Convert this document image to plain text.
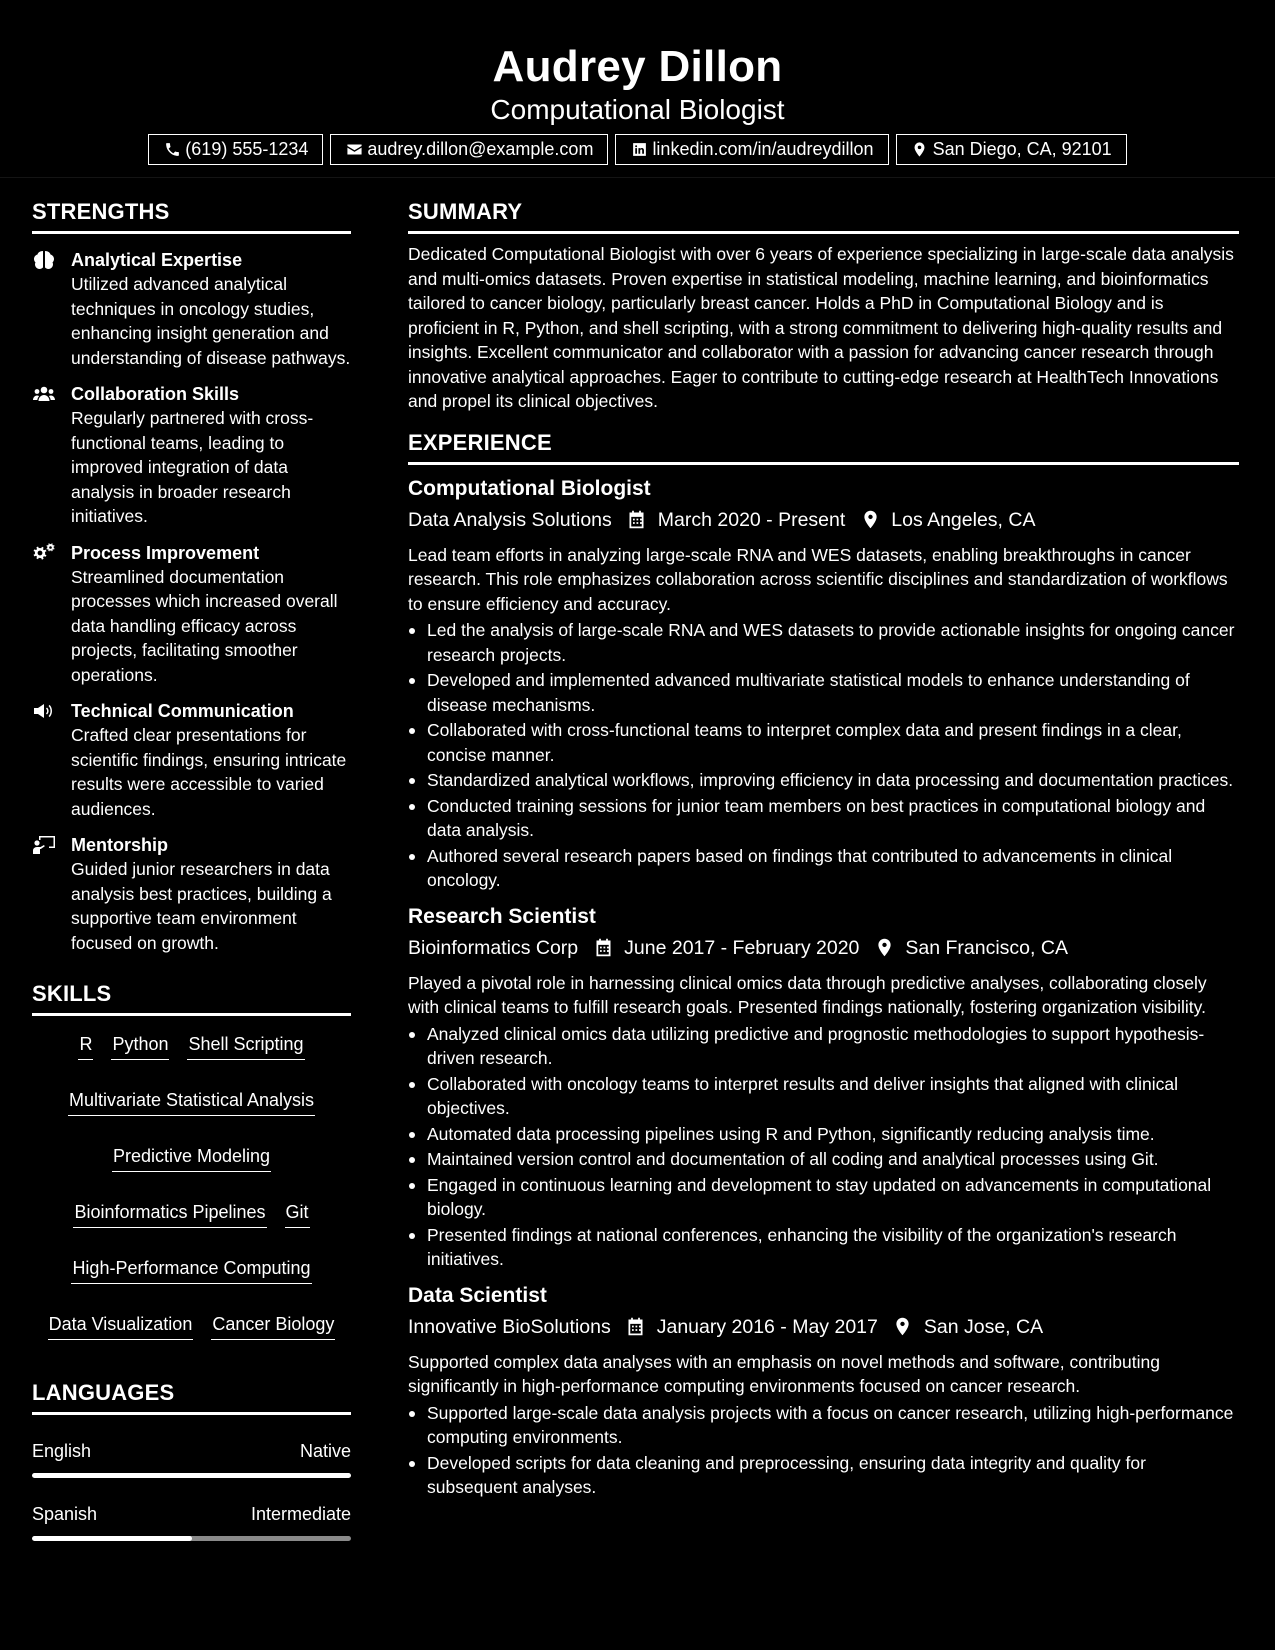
Audrey Dillon
Computational Biologist
(619) 555-1234	audrey.dillon@example.com	linkedin.com/in/audreydillon	San Diego, CA, 92101
STRENGTHS
Analytical Expertise

Utilized advanced analytical techniques in oncology studies, enhancing insight generation and understanding of disease pathways.

Collaboration Skills

Regularly partnered with cross-functional teams, leading to improved integration of data analysis in broader research initiatives.

Process Improvement

Streamlined documentation processes which increased overall data handling efficacy across projects, facilitating smoother operations.

Technical Communication

Crafted clear presentations for scientific findings, ensuring intricate results were accessible to varied audiences.

Mentorship

Guided junior researchers in data analysis best practices, building a supportive team environment focused on growth.

SKILLS
R Python Shell Scripting
Multivariate Statistical Analysis
Predictive Modeling
Bioinformatics Pipelines Git
High-Performance Computing
Data Visualization Cancer Biology
LANGUAGES
English	Native
Spanish	Intermediate
SUMMARY

Dedicated Computational Biologist with over 6 years of experience specializing in large-scale data analysis and multi-omics datasets. Proven expertise in statistical modeling, machine learning, and bioinformatics tailored to cancer biology, particularly breast cancer. Holds a PhD in Computational Biology and is proficient in R, Python, and shell scripting, with a strong commitment to delivering high-quality results and insights. Excellent communicator and collaborator with a passion for advancing cancer research through innovative analytical approaches. Eager to contribute to cutting-edge research at HealthTech Innovations and propel its clinical objectives.

EXPERIENCE
Computational Biologist
Data Analysis Solutions March 2020 - Present Los Angeles, CA

Lead team efforts in analyzing large-scale RNA and WES datasets, enabling breakthroughs in cancer research. This role emphasizes collaboration across scientific disciplines and standardization of workflows to ensure efficiency and accuracy.

Led the analysis of large-scale RNA and WES datasets to provide actionable insights for ongoing cancer research projects.
Developed and implemented advanced multivariate statistical models to enhance understanding of disease mechanisms.
Collaborated with cross-functional teams to interpret complex data and present findings in a clear, concise manner.
Standardized analytical workflows, improving efficiency in data processing and documentation practices.
Conducted training sessions for junior team members on best practices in computational biology and data analysis.
Authored several research papers based on findings that contributed to advancements in clinical oncology.
Research Scientist
Bioinformatics Corp June 2017 - February 2020 San Francisco, CA

Played a pivotal role in harnessing clinical omics data through predictive analyses, collaborating closely with clinical teams to fulfill research goals. Presented findings nationally, fostering organization visibility.

Analyzed clinical omics data utilizing predictive and prognostic methodologies to support hypothesis-driven research.
Collaborated with oncology teams to interpret results and deliver insights that aligned with clinical objectives.
Automated data processing pipelines using R and Python, significantly reducing analysis time.
Maintained version control and documentation of all coding and analytical processes using Git.
Engaged in continuous learning and development to stay updated on advancements in computational biology.
Presented findings at national conferences, enhancing the visibility of the organization's research initiatives.
Data Scientist
Innovative BioSolutions January 2016 - May 2017 San Jose, CA

Supported complex data analyses with an emphasis on novel methods and software, contributing significantly in high-performance computing environments focused on cancer research.

Supported large-scale data analysis projects with a focus on cancer research, utilizing high-performance computing environments.
Developed scripts for data cleaning and preprocessing, ensuring data integrity and quality for subsequent analyses.
